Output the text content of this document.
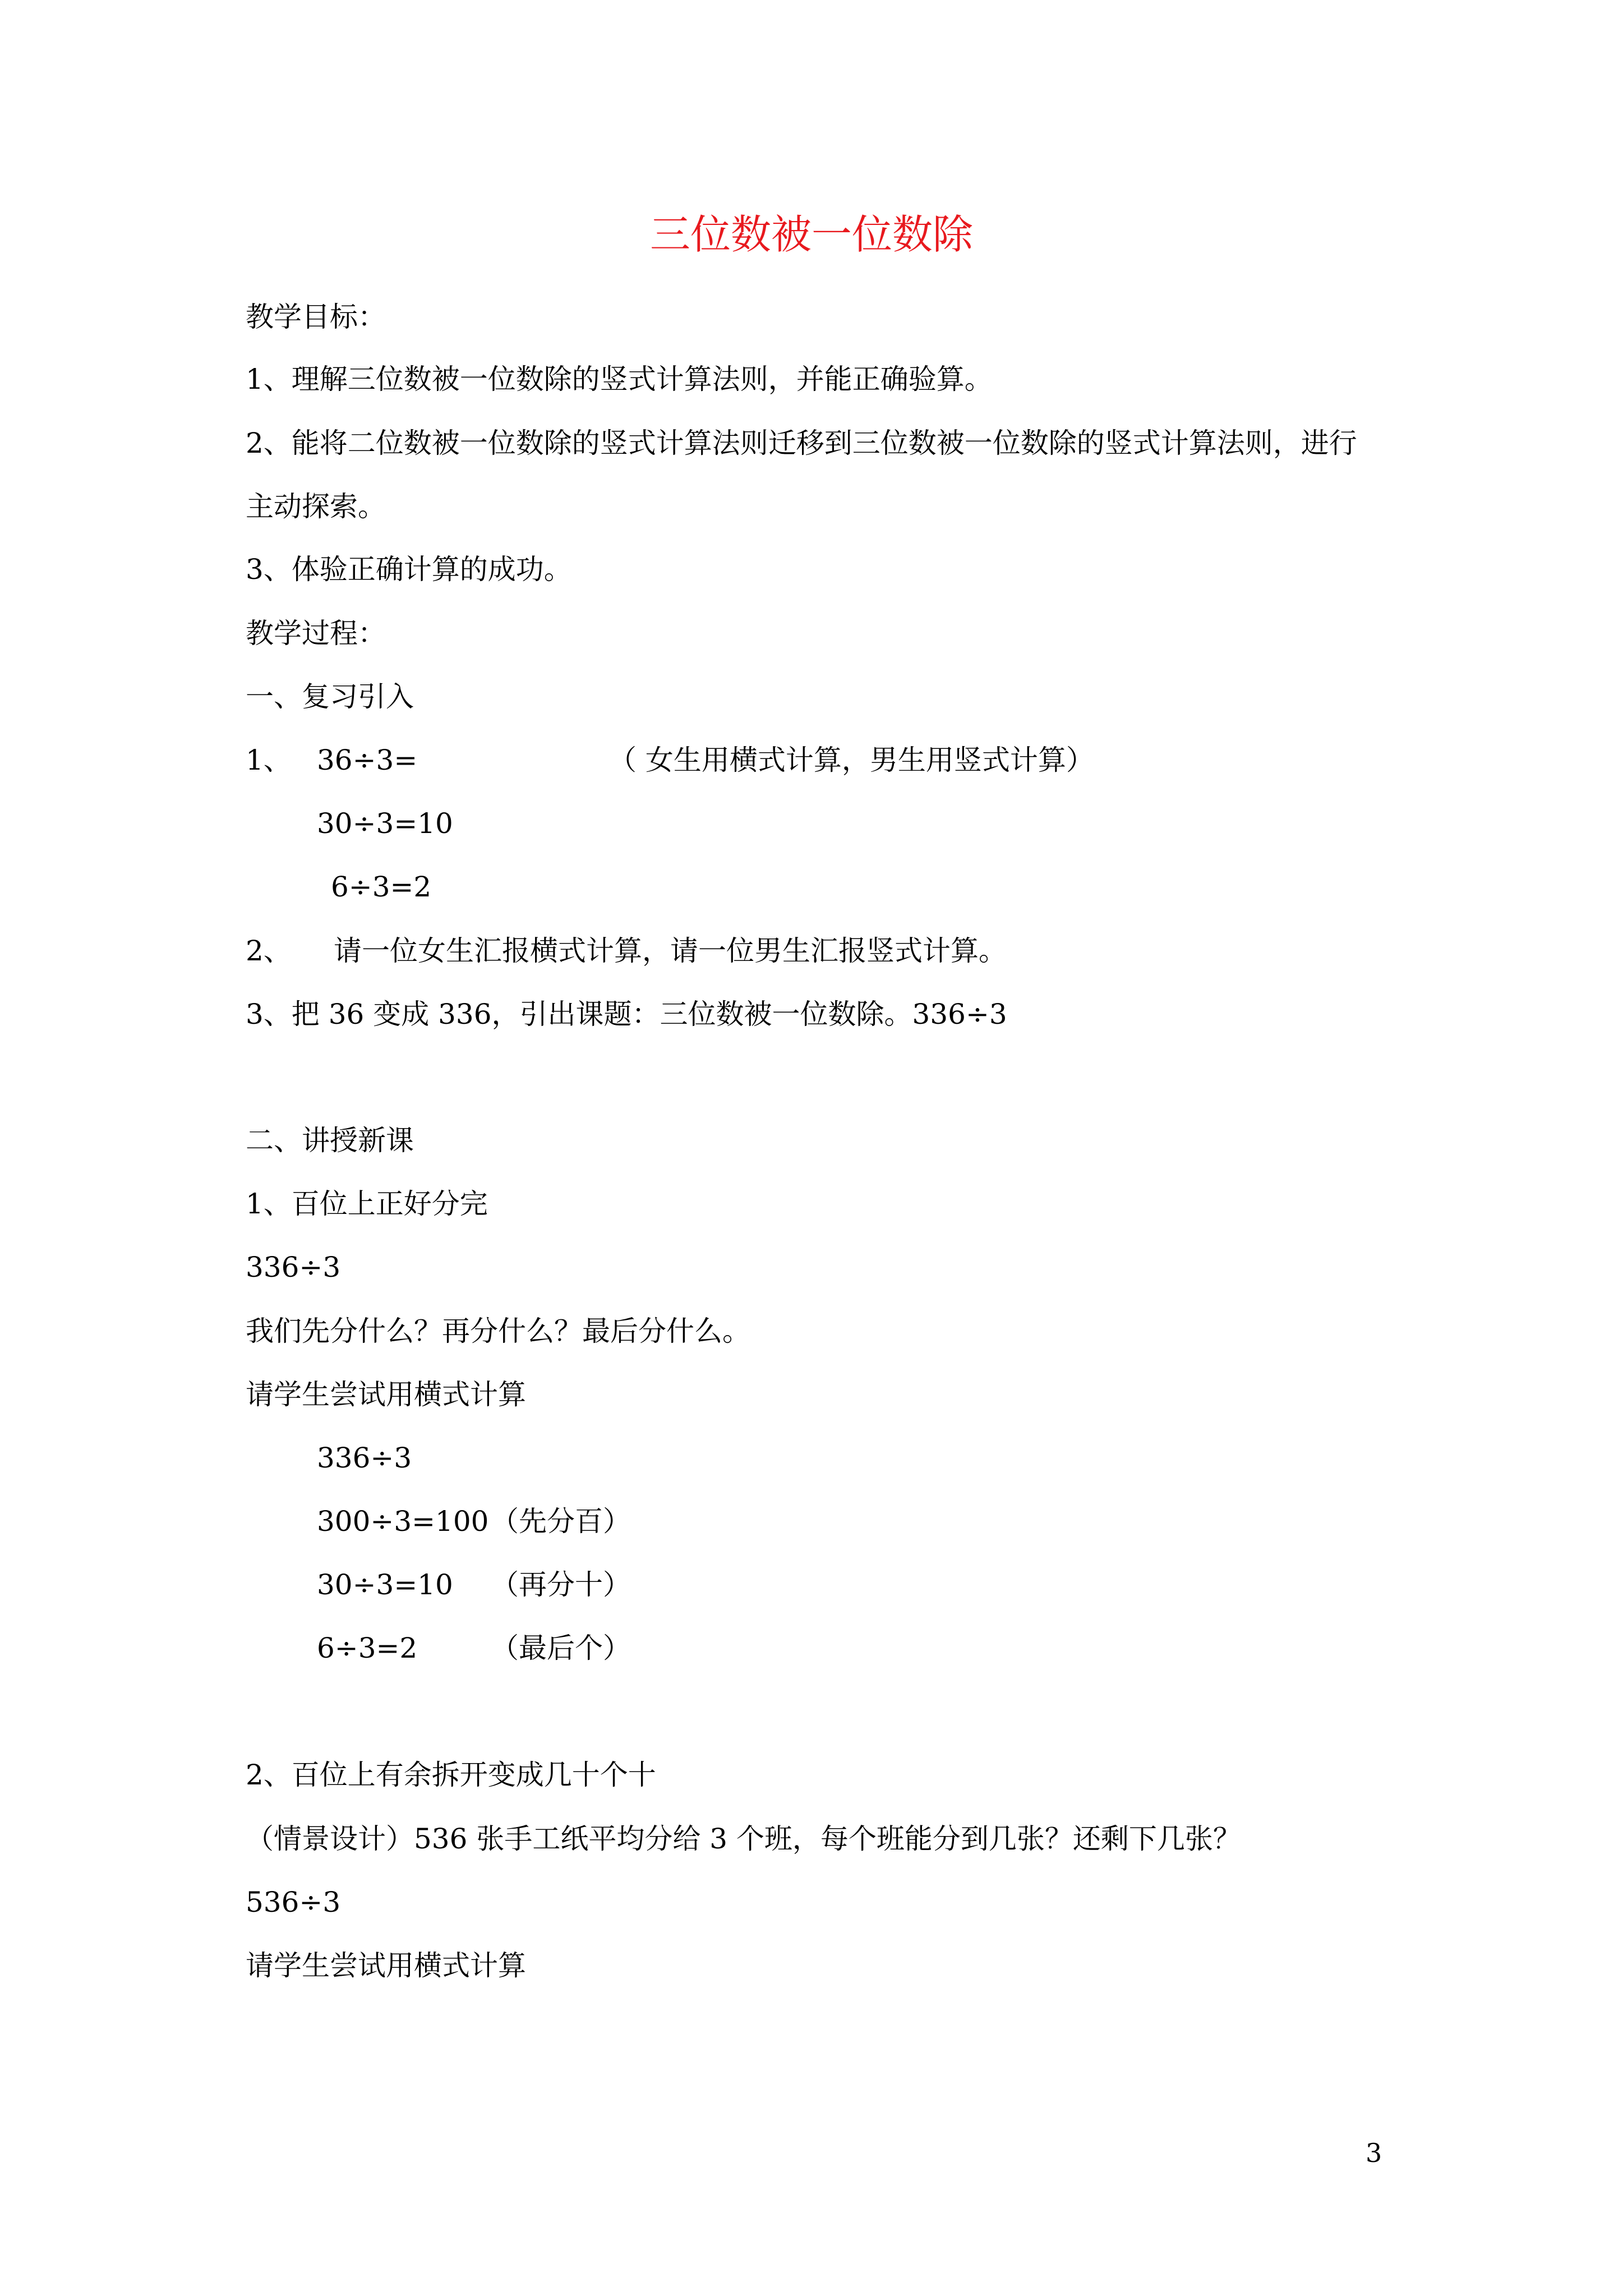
三位数被一位数除
教学目标：
1、理解三位数被一位数除的竖式计算法则，并能正确验算。
2、能将二位数被一位数除的竖式计算法则迁移到三位数被一位数除的竖式计算法则，进行
主动探索。
3、体验正确计算的成功。
教学过程：
一、复习引入
1、 36÷3=	（ 女生用横式计算，男生用竖式计算）
30÷3=10
6÷3=2
2、 请一位女生汇报横式计算，请一位男生汇报竖式计算。
3、把 36 变成 336，引出课题：三位数被一位数除。336÷3
二、讲授新课
1、百位上正好分完
336÷3
我们先分什么？再分什么？最后分什么。
请学生尝试用横式计算
336÷3
300÷3=100 （先分百）
30÷3=10 （再分十）
6÷3=2	（最后个）
2、百位上有余拆开变成几十个十
（情景设计）536 张手工纸平均分给 3 个班，每个班能分到几张？还剩下几张？
536÷3
请学生尝试用横式计算
3
